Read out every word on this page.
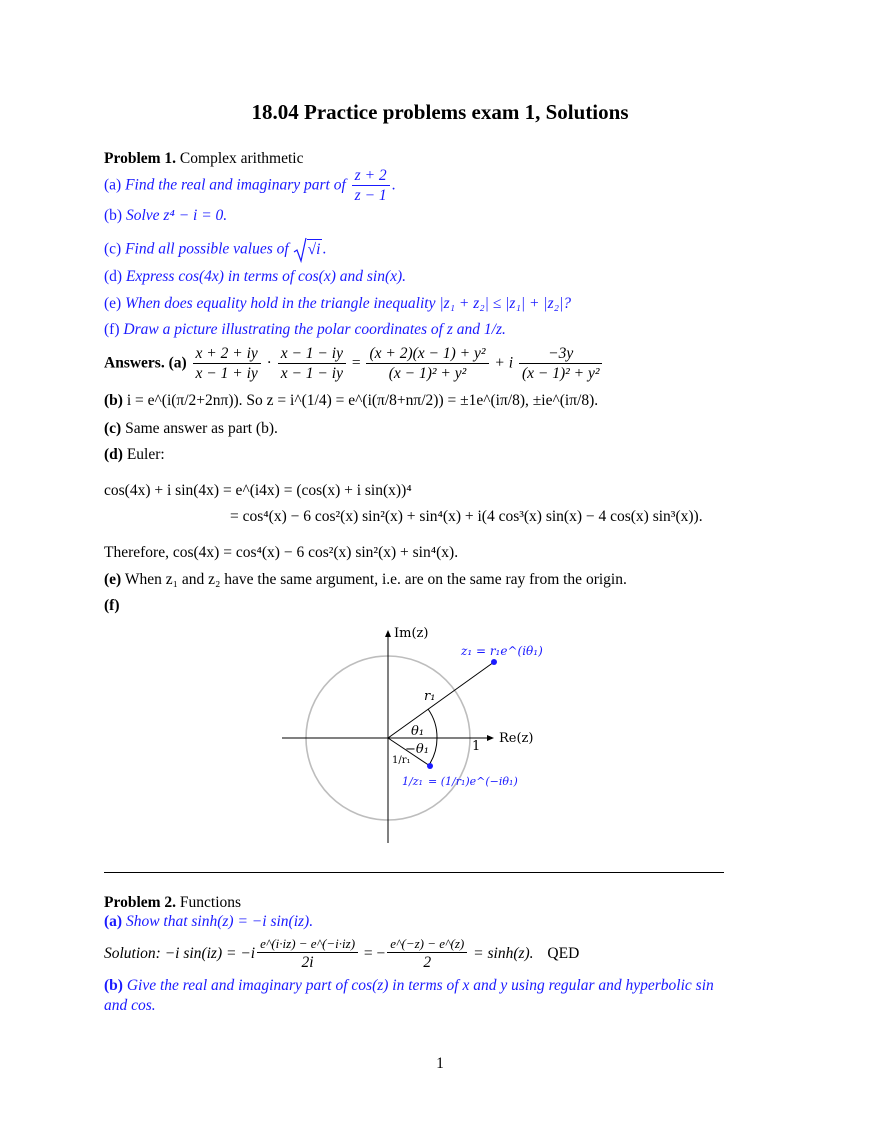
18.04 Practice problems exam 1, Solutions
Problem 1. Complex arithmetic
(a) Find the real and imaginary part of $\frac{z + 2}{z - 1}$ .
(b) Solve z⁴ − i = 0.
(c) Find all possible values of √i .
(d) Express cos(4x) in terms of cos(x) and sin(x).
(e) When does equality hold in the triangle inequality |z₁ + z₂| ≤ |z₁| + |z₂|?
(f) Draw a picture illustrating the polar coordinates of z and 1/z.
Answers. $(a) \frac{x + 2 + iy}{x - 1 + iy} \cdot \frac{x - 1 - iy}{x - 1 - iy} = \frac{\text{(x + 2)(x − 1) + y²}}{\text{(x − 1)² + y²}} + i \frac{-3y}{\text{(x − 1)² + y²}}$
(b) i = e^(i(π/2+2nπ)). So z = i^(1/4) = e^(i(π/8+nπ/2)) = ±1e^(iπ/8), ±ie^(iπ/8).
(c) Same answer as part (b).
(d) Euler:
cos(4x) + i sin(4x) = e^(i4x) = (cos(x) + i sin(x))⁴
= cos⁴(x) − 6 cos²(x) sin²(x) + sin⁴(x) + i(4 cos³(x) sin(x) − 4 cos(x) sin³(x)).
Therefore, cos(4x) = cos⁴(x) − 6 cos²(x) sin²(x) + sin⁴(x).
(e) When z₁ and z₂ have the same argument, i.e. are on the same ray from the origin.
(f)
Im(z)
Re(z)
z₁ = r₁e^(iθ₁)
r₁
θ₁
−θ₁	1
1/r₁
1/z₁ = (1/r₁)e^(−iθ₁)
Problem 2. Functions
(a) Show that sinh(z) = −i sin(iz).
Solution: −i $\sin(iz) = -i \frac{e\^{}(i\cdot iz) - e\^{}(-i\cdot iz)}{2i}$ = − $\frac{e\^{}(-z) - e\^{}(z)}{2} = \sinh(z)$. QED
(b) Give the real and imaginary part of cos(z) in terms of x and y using regular and hyperbolic sin
and cos.
1
